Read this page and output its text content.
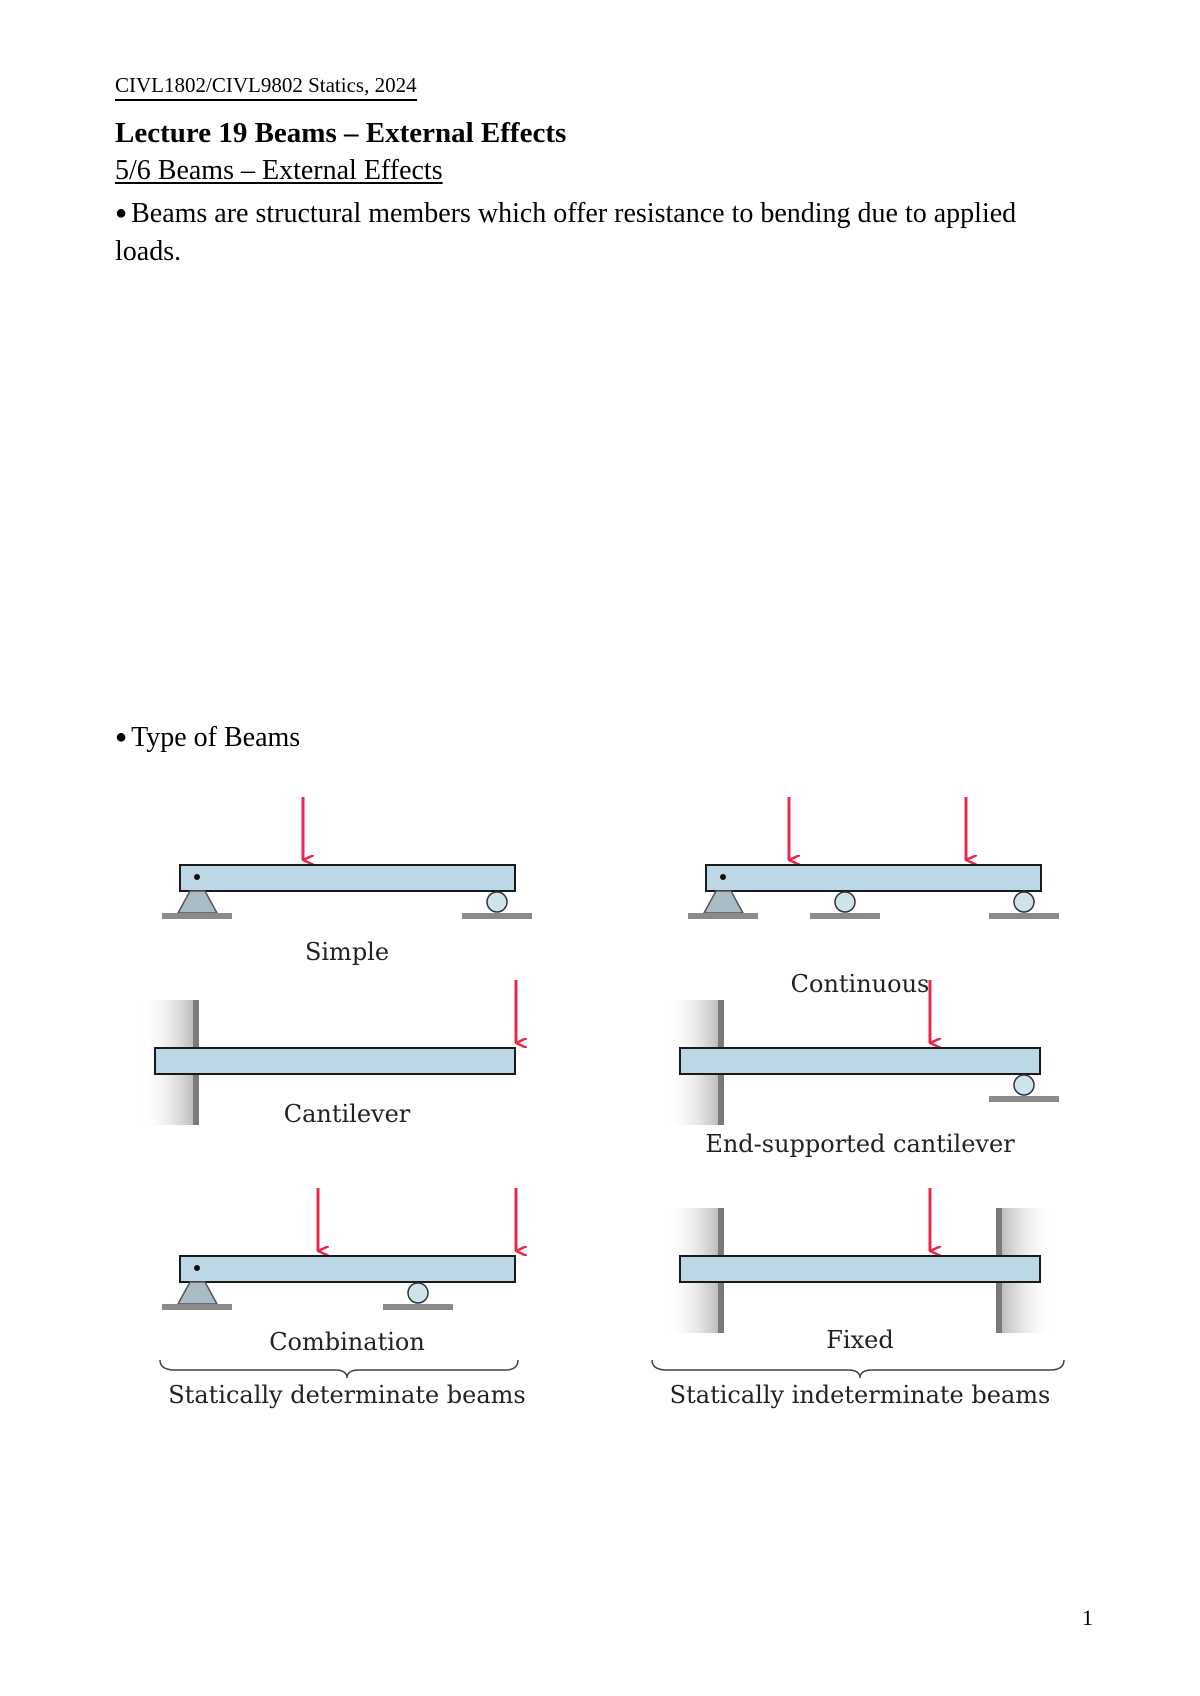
CIVL1802/CIVL9802 Statics, 2024
Lecture 19 Beams – External Effects
5/6 Beams – External Effects
● Beams are structural members which offer resistance to bending due to applied loads.
● Type of Beams
Simple
Continuous
Cantilever
End-supported cantilever
Combination	Fixed
Statically determinate beams	Statically indeterminate beams
1
